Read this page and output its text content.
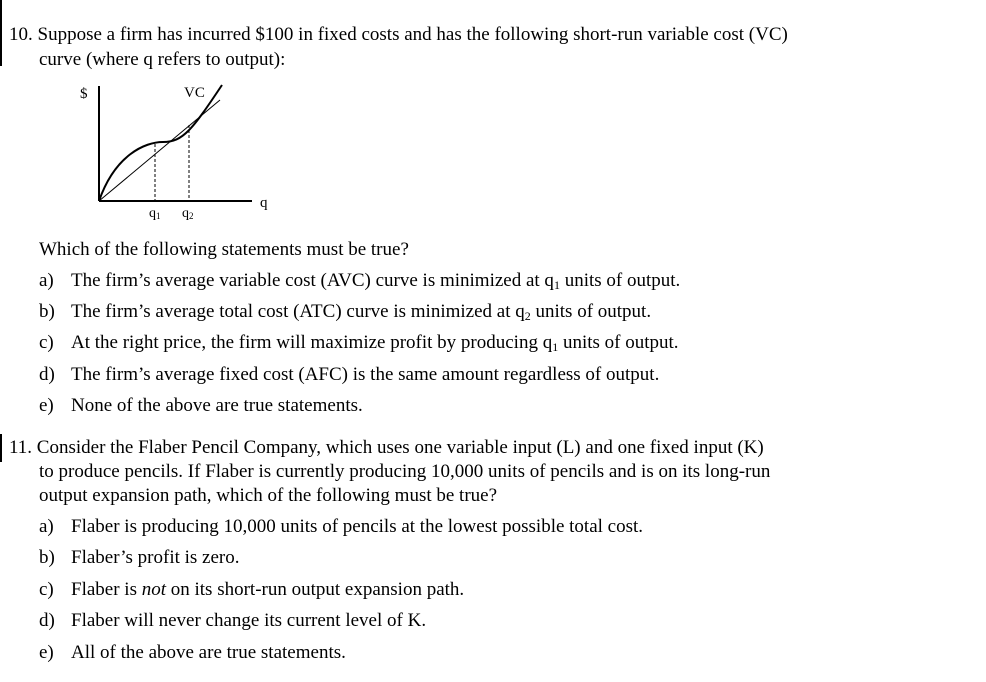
10. Suppose a firm has incurred $100 in fixed costs and has the following short-run variable cost (VC)
curve (where q refers to output):
$	VC
q
q1 q2
Which of the following statements must be true?
a) The firm’s average variable cost (AVC) curve is minimized at $q_1$ units of output.
b) The firm’s average total cost (ATC) curve is minimized at $q_2$ units of output.
c) At the right price, the firm will maximize profit by producing $q_1$ units of output.
d) The firm’s average fixed cost (AFC) is the same amount regardless of output.
e) None of the above are true statements.
11. Consider the Flaber Pencil Company, which uses one variable input (L) and one fixed input (K)
to produce pencils. If Flaber is currently producing 10,000 units of pencils and is on its long-run
output expansion path, which of the following must be true?
a) Flaber is producing 10,000 units of pencils at the lowest possible total cost.
b) Flaber’s profit is zero.
c) Flaber is not on its short-run output expansion path.
d) Flaber will never change its current level of K.
e) All of the above are true statements.
